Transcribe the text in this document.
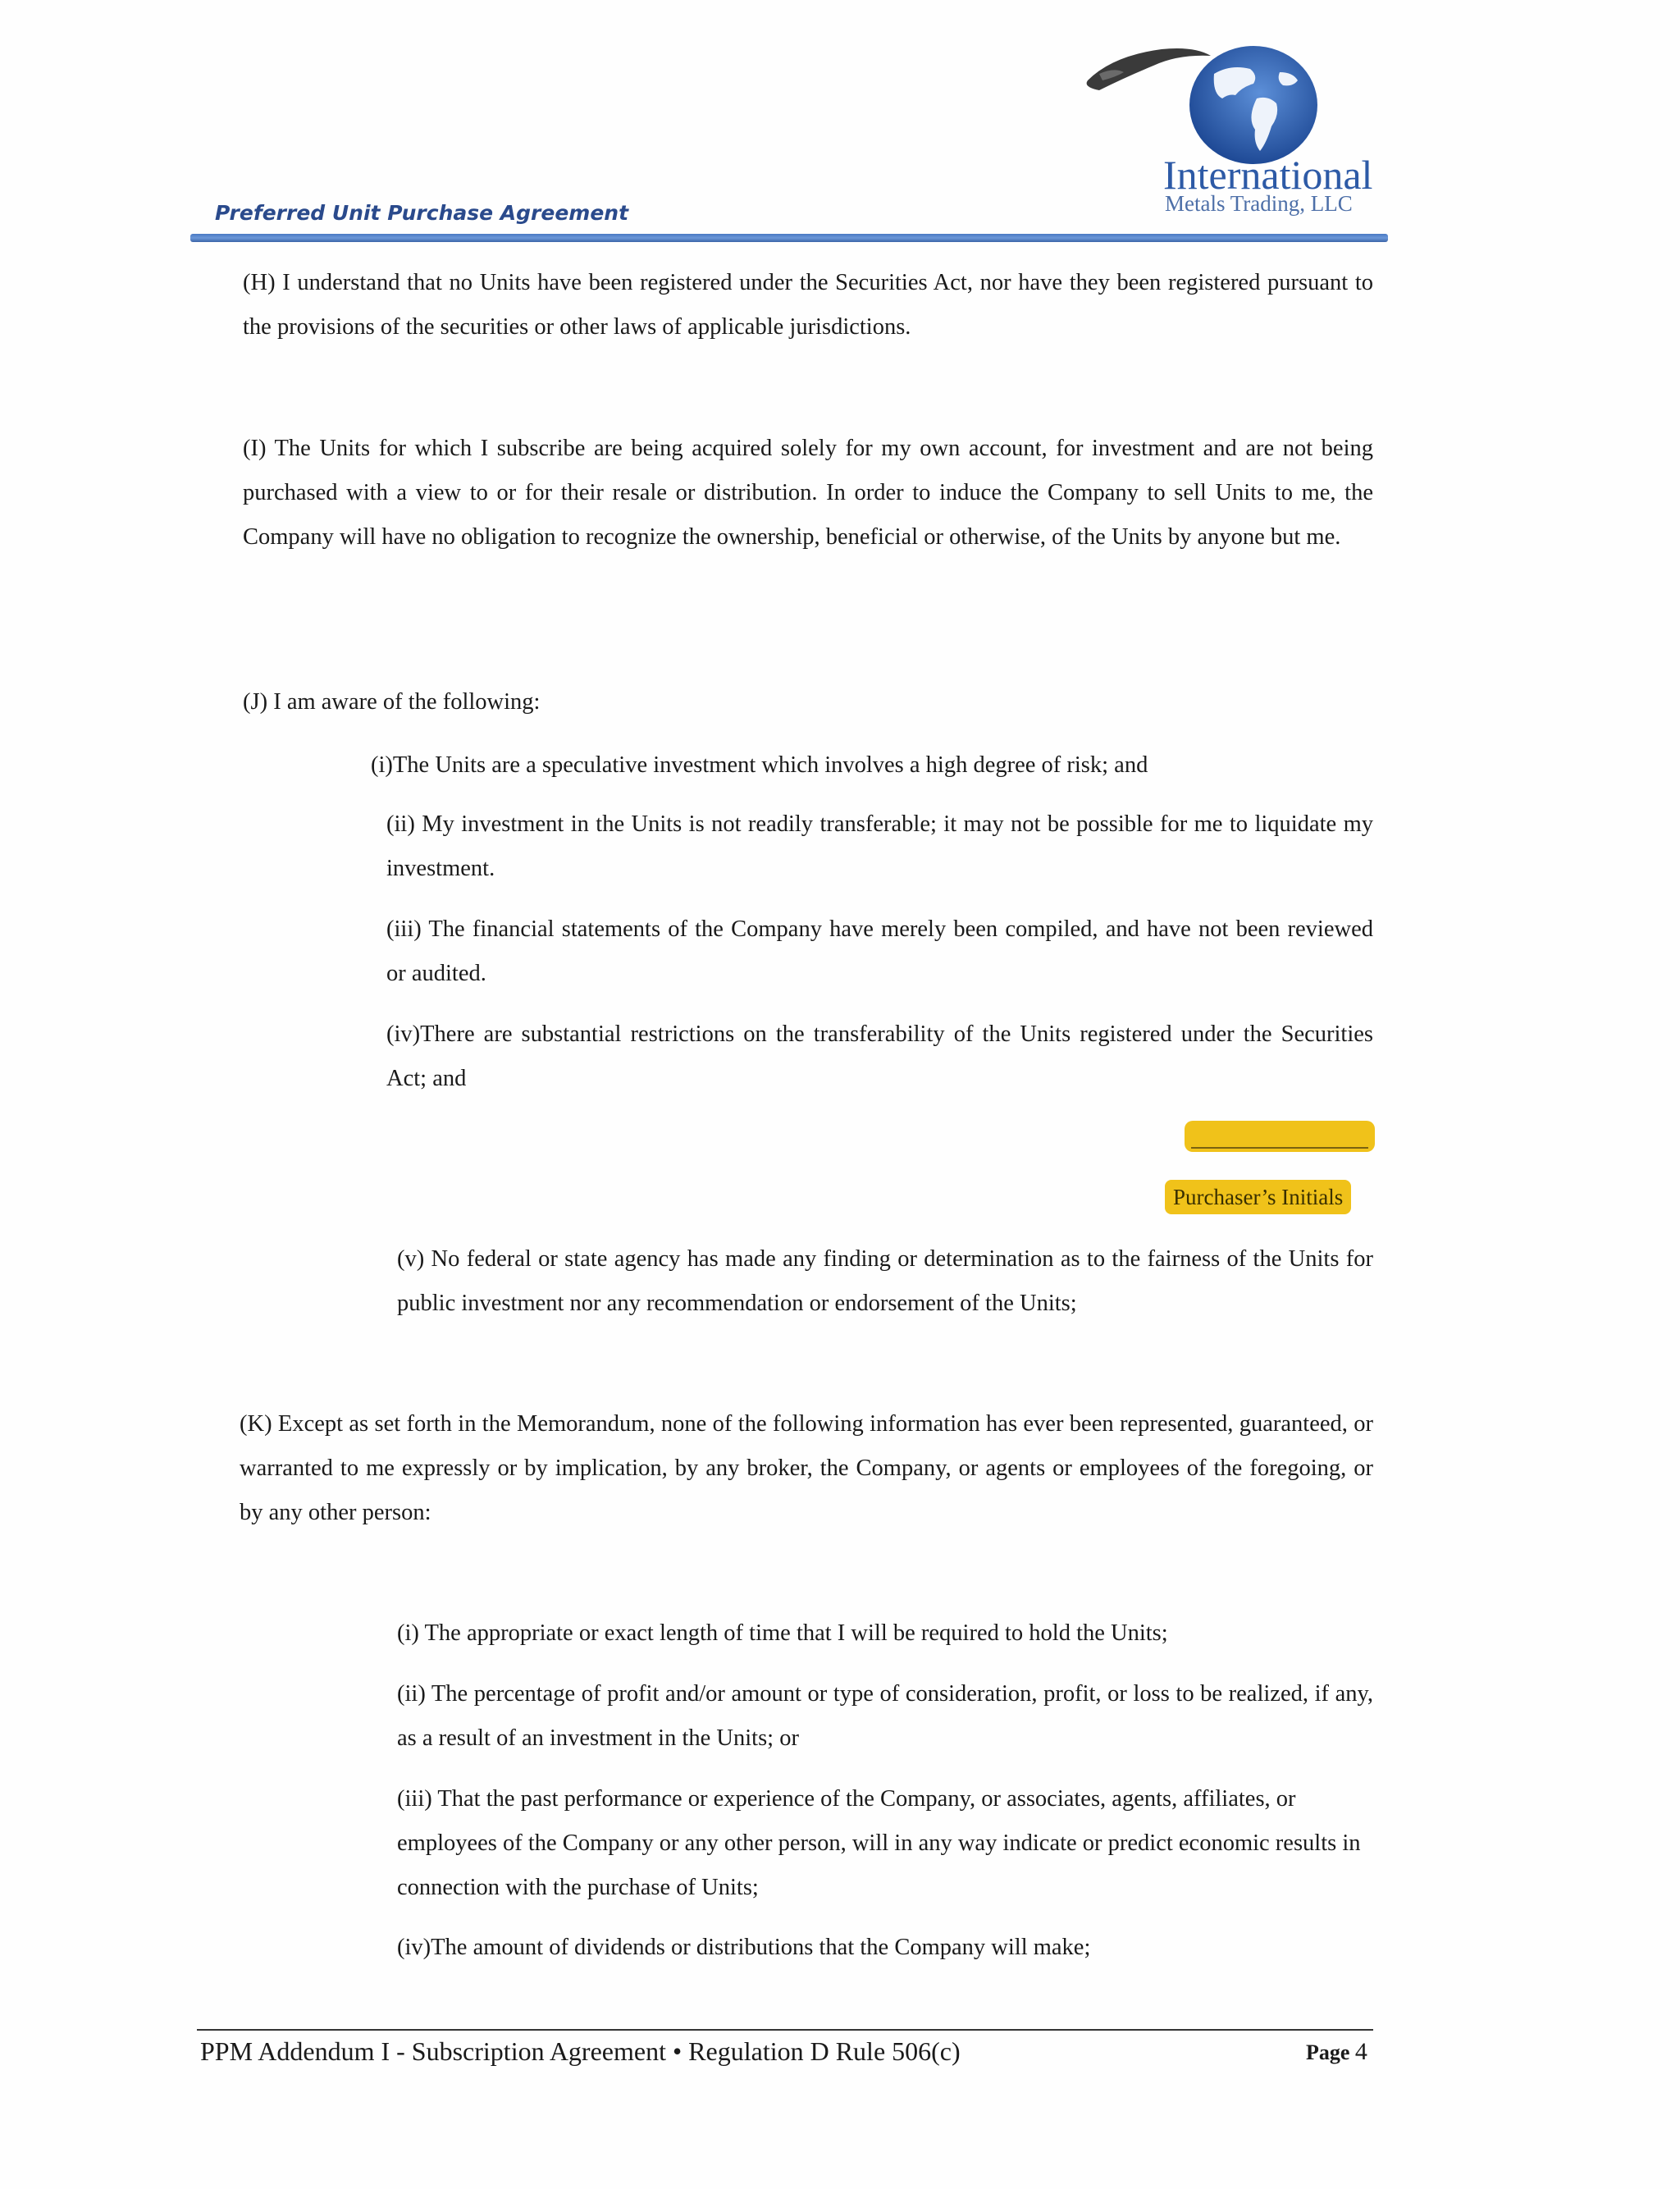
Preferred Unit Purchase Agreement
International
Metals Trading, LLC

(H) I understand that no Units have been registered under the Securities Act, nor have they been registered pursuant to the provisions of the securities or other laws of applicable jurisdictions.

(I) The Units for which I subscribe are being acquired solely for my own account, for investment and are not being purchased with a view to or for their resale or distribution. In order to induce the Company to sell Units to me, the Company will have no obligation to recognize the ownership, beneficial or otherwise, of the Units by anyone but me.

(J) I am aware of the following:

(i)The Units are a speculative investment which involves a high degree of risk; and

(ii) My investment in the Units is not readily transferable; it may not be possible for me to liquidate my investment.

(iii) The financial statements of the Company have merely been compiled, and have not been reviewed or audited.

(iv)There are substantial restrictions on the transferability of the Units registered under the Securities Act; and

Purchaser’s Initials

(v) No federal or state agency has made any finding or determination as to the fairness of the Units for public investment nor any recommendation or endorsement of the Units;

(K) Except as set forth in the Memorandum, none of the following information has ever been represented, guaranteed, or warranted to me expressly or by implication, by any broker, the Company, or agents or employees of the foregoing, or by any other person:

(i) The appropriate or exact length of time that I will be required to hold the Units;

(ii) The percentage of profit and/or amount or type of consideration, profit, or loss to be realized, if any, as a result of an investment in the Units; or

(iii) That the past performance or experience of the Company, or associates, agents, affiliates, or employees of the Company or any other person, will in any way indicate or predict economic results in connection with the purchase of Units;

(iv)The amount of dividends or distributions that the Company will make;

PPM Addendum I - Subscription Agreement • Regulation D Rule 506(c)	Page 4
